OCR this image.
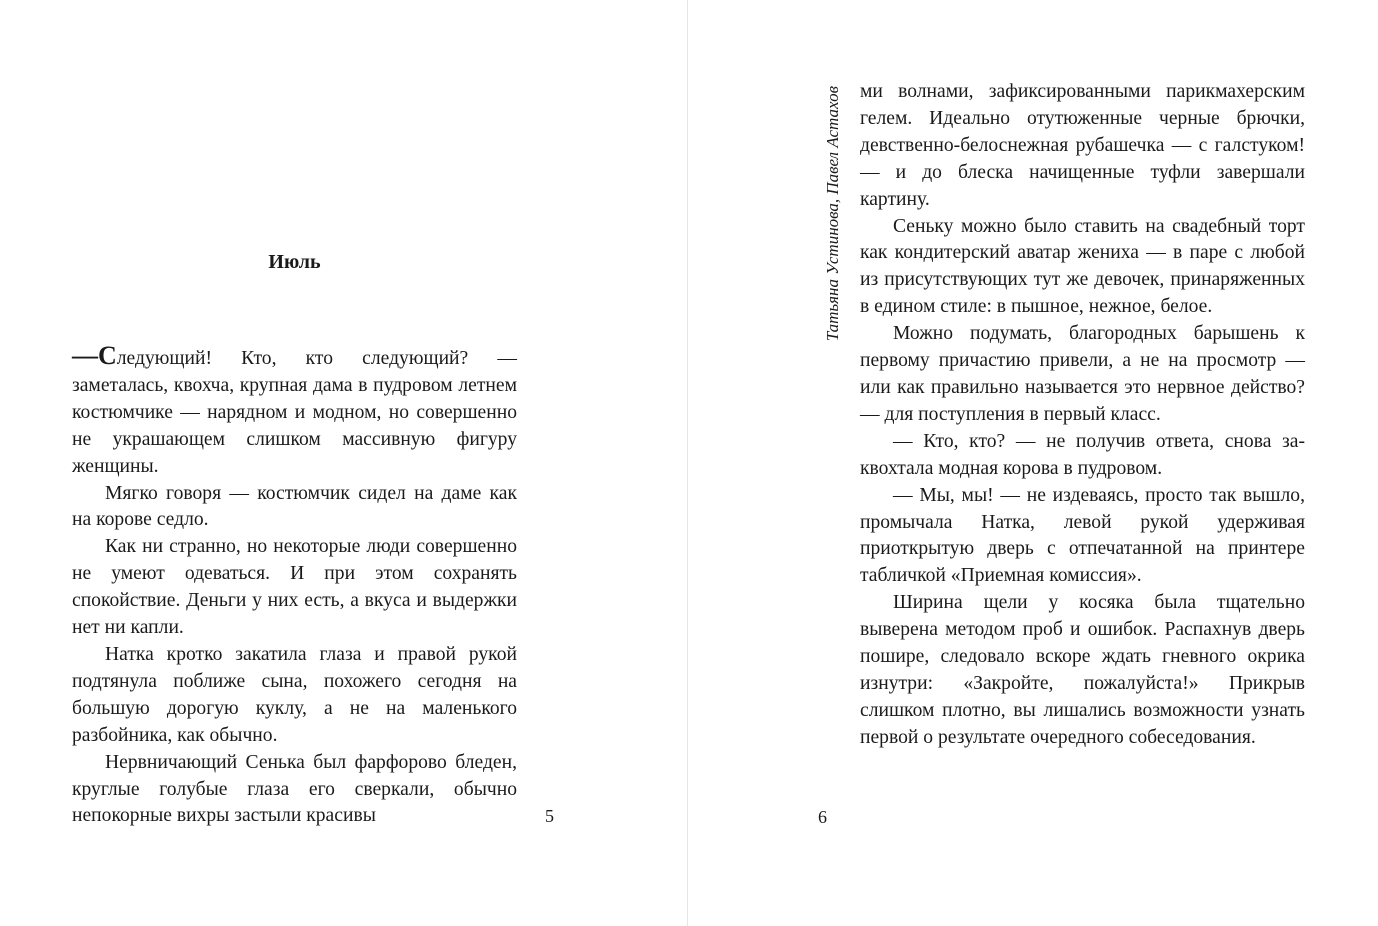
Июль

—Следующий! Кто, кто следующий? — заметалась, квохча, крупная дама в пудровом летнем костюмчике — нарядном и модном, но совершенно не украшающем слишком массивную фигуру женщины.

Мягко говоря — костюмчик сидел на даме как на корове седло.

Как ни странно, но некоторые люди совершенно не умеют одеваться. И при этом сохранять спокойствие. Деньги у них есть, а вкуса и выдержки нет ни капли.

Натка кротко закатила глаза и правой рукой подтянула поближе сына, похожего сегодня на большую дорогую куклу, а не на маленького разбойника, как обычно.

Нервничающий Сенька был фарфорово бледен, круглые голубые глаза его сверкали, обычно непокорные вихры застыли красивы	5
Татьяна Устинова, Павел Астахов ми волнами, зафиксированными парикмахерским гелем. Идеально отутюженные черные брючки, девственно-белоснежная рубашечка — с галстуком! — и до блеска начищенные туфли завершали картину.

Сеньку можно было ставить на свадебный торт как кондитерский аватар жениха — в паре с любой из присутствующих тут же девочек, принаряженных в едином стиле: в пышное, нежное, белое.

Можно подумать, благородных барышень к первому причастию привели, а не на просмотр — или как правильно называется это нервное действо? — для поступления в первый класс.

— Кто, кто? — не получив ответа, снова заквохтала модная корова в пудровом.

— Мы, мы! — не издеваясь, просто так вышло, промычала Натка, левой рукой удерживая приоткрытую дверь с отпечатанной на принтере табличкой «Приемная комиссия».

Ширина щели у косяка была тщательно выверена методом проб и ошибок. Распахнув дверь пошире, следовало вскоре ждать гневного окрика изнутри: «Закройте, пожалуйста!» Прикрыв слишком плотно, вы лишались возможности узнать первой о результате очередного собеседования.

6
